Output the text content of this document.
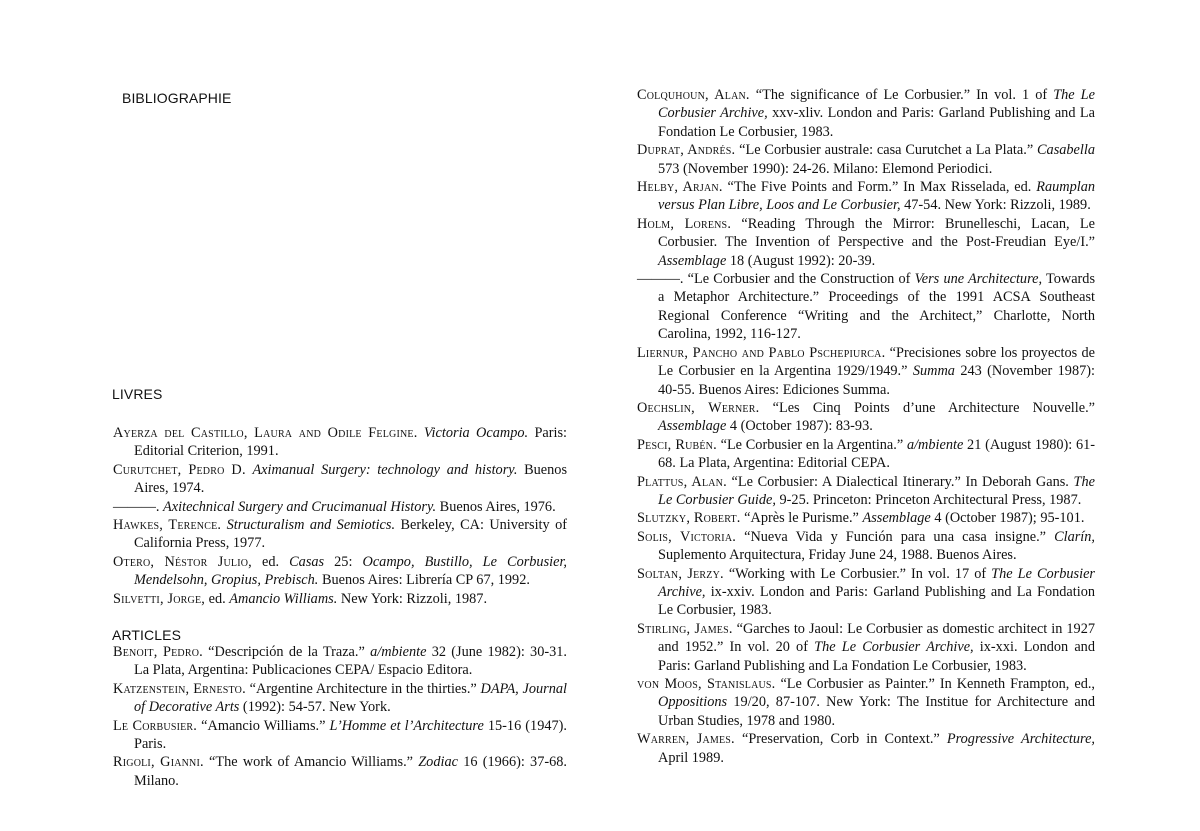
BIBLIOGRAPHIE
LIVRES
ARTICLES

Ayerza del Castillo, Laura and Odile Felgine. Victoria Ocampo. Paris: Editorial Criterion, 1991.

Curutchet, Pedro D. Aximanual Surgery: technology and history. Buenos Aires, 1974.

———. Axitechnical Surgery and Crucimanual History. Buenos Aires, 1976.

Hawkes, Terence. Structuralism and Semiotics. Berkeley, CA: University of California Press, 1977.

Otero, Néstor Julio, ed. Casas 25: Ocampo, Bustillo, Le Corbusier, Mendelsohn, Gropius, Prebisch. Buenos Aires: Librería CP 67, 1992.

Silvetti, Jorge, ed. Amancio Williams. New York: Rizzoli, 1987.

Benoit, Pedro. “Descripción de la Traza.” a/mbiente 32 (June 1982): 30-31. La Plata, Argentina: Publicaciones CEPA/ Espacio Editora.

Katzenstein, Ernesto. “Argentine Architecture in the thirties.” DAPA, Journal of Decorative Arts (1992): 54-57. New York.

Le Corbusier. “Amancio Williams.” L’Homme et l’Architecture 15-16 (1947). Paris.

Rigoli, Gianni. “The work of Amancio Williams.” Zodiac 16 (1966): 37-68. Milano.

Colquhoun, Alan. “The significance of Le Corbusier.” In vol. 1 of The Le Corbusier Archive, xxv-xliv. London and Paris: Garland Publishing and La Fondation Le Corbusier, 1983.

Duprat, Andrés. “Le Corbusier australe: casa Curutchet a La Plata.” Casabella 573 (November 1990): 24-26. Milano: Elemond Periodici.

Helby, Arjan. “The Five Points and Form.” In Max Risselada, ed. Raumplan versus Plan Libre, Loos and Le Corbusier, 47-54. New York: Rizzoli, 1989.

Holm, Lorens. “Reading Through the Mirror: Brunelleschi, Lacan, Le Corbusier. The Invention of Perspective and the Post-Freudian Eye/I.” Assemblage 18 (August 1992): 20-39.

———. “Le Corbusier and the Construction of Vers une Architecture, Towards a Metaphor Architecture.” Proceedings of the 1991 ACSA Southeast Regional Conference “Writing and the Architect,” Charlotte, North Carolina, 1992, 116-127.

Liernur, Pancho and Pablo Pschepiurca. “Precisiones sobre los proyectos de Le Corbusier en la Argentina 1929/1949.” Summa 243 (November 1987): 40-55. Buenos Aires: Ediciones Summa.

Oechslin, Werner. “Les Cinq Points d’une Architecture Nouvelle.” Assemblage 4 (October 1987): 83-93.

Pesci, Rubén. “Le Corbusier en la Argentina.” a/mbiente 21 (August 1980): 61-68. La Plata, Argentina: Editorial CEPA.

Plattus, Alan. “Le Corbusier: A Dialectical Itinerary.” In Deborah Gans. The Le Corbusier Guide, 9-25. Princeton: Princeton Architectural Press, 1987.

Slutzky, Robert. “Après le Purisme.” Assemblage 4 (October 1987); 95-101.

Solis, Victoria. “Nueva Vida y Función para una casa insigne.” Clarín, Suplemento Arquitectura, Friday June 24, 1988. Buenos Aires.

Soltan, Jerzy. “Working with Le Corbusier.” In vol. 17 of The Le Corbusier Archive, ix-xxiv. London and Paris: Garland Publishing and La Fondation Le Corbusier, 1983.

Stirling, James. “Garches to Jaoul: Le Corbusier as domestic architect in 1927 and 1952.” In vol. 20 of The Le Corbusier Archive, ix-xxi. London and Paris: Garland Publishing and La Fondation Le Corbusier, 1983.

von Moos, Stanislaus. “Le Corbusier as Painter.” In Kenneth Frampton, ed., Oppositions 19/20, 87-107. New York: The Institue for Architecture and Urban Studies, 1978 and 1980.

Warren, James. “Preservation, Corb in Context.” Progressive Architecture, April 1989.
